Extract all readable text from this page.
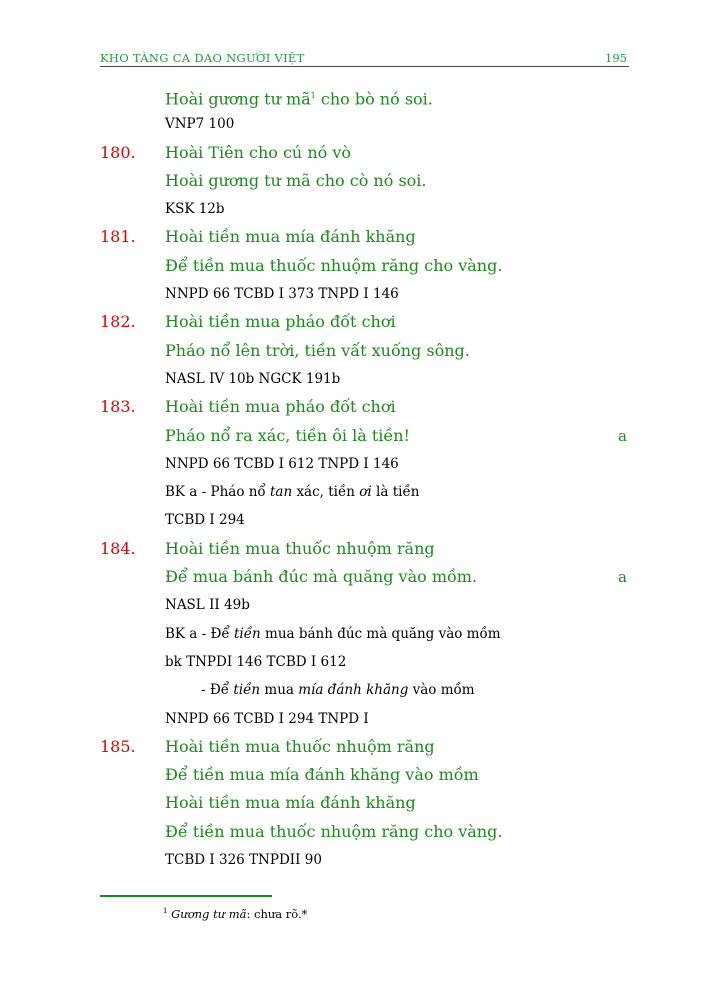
KHO TÀNG CA DAO NGƯỜI VIỆT	195
Hoài gương tư $mã^1$ cho bò nó soi.
VNP7 100
180. Hoài Tiên cho cú nó vò
Hoài gương tư mã cho cò nó soi.
KSK 12b
181. Hoài tiền mua mía đánh khăng
Để tiền mua thuốc nhuộm răng cho vàng.
NNPD 66 TCBD I 373 TNPD I 146
182. Hoài tiền mua pháo đốt chơi
Pháo nổ lên trời, tiền vất xuống sông.
NASL IV 10b NGCK 191b
183. Hoài tiền mua pháo đốt chơi
Pháo nổ ra xác, tiền ôi là tiền!	a
NNPD 66 TCBD I 612 TNPD I 146
BK a - Pháo nổ tan xác, tiền ơi là tiền
TCBD I 294
184. Hoài tiền mua thuốc nhuộm răng
Để mua bánh đúc mà quăng vào mồm.	a
NASL II 49b
BK a - Để tiền mua bánh đúc mà quăng vào mồm
bk TNPDI 146 TCBD I 612
- Để tiền mua mía đánh khăng vào mồm
NNPD 66 TCBD I 294 TNPD I
185. Hoài tiền mua thuốc nhuộm răng
Để tiền mua mía đánh khăng vào mồm
Hoài tiền mua mía đánh khăng
Để tiền mua thuốc nhuộm răng cho vàng.
TCBD I 326 TNPDII 90
$^1$ Gương tư mã: chưa rõ.*
